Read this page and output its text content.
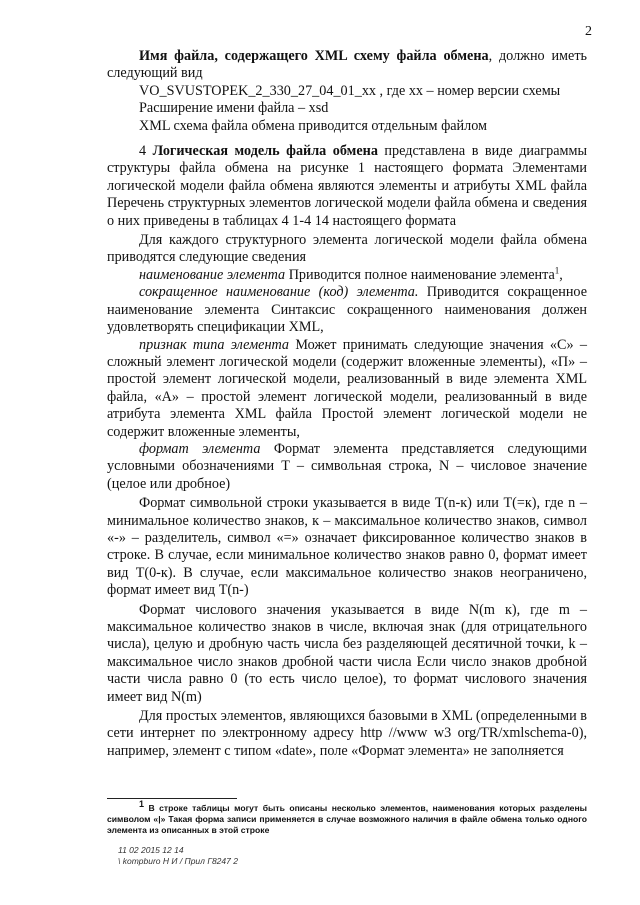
2

Имя файла, содержащего XML схему файла обмена, должно иметь следующий вид

VO_SVUSTOPEK_2_330_27_04_01_xx , где xx – номер версии схемы

Расширение имени файла – xsd

XML схема файла обмена приводится отдельным файлом

4 Логическая модель файла обмена представлена в виде диаграммы структуры файла обмена на рисунке 1 настоящего формата Элементами логической модели файла обмена являются элементы и атрибуты XML файла Перечень структурных элементов логической модели файла обмена и сведения о них приведены в таблицах 4 1-4 14 настоящего формата

Для каждого структурного элемента логической модели файла обмена приводятся следующие сведения

наименование элемента Приводится полное наименование элемента$^1$,

сокращенное наименование (код) элемента. Приводится сокращенное наименование элемента Синтаксис сокращенного наименования должен удовлетворять спецификации XML,

признак типа элемента Может принимать следующие значения «С» – сложный элемент логической модели (содержит вложенные элементы), «П» – простой элемент логической модели, реализованный в виде элемента XML файла, «А» – простой элемент логической модели, реализованный в виде атрибута элемента XML файла Простой элемент логической модели не содержит вложенные элементы,

формат элемента Формат элемента представляется следующими условными обозначениями T – символьная строка, N – числовое значение (целое или дробное)

Формат символьной строки указывается в виде T(n-к) или T(=к), где n – минимальное количество знаков, к – максимальное количество знаков, символ «-» – разделитель, символ «=» означает фиксированное количество знаков в строке. В случае, если минимальное количество знаков равно 0, формат имеет вид T(0-к). В случае, если максимальное количество знаков неограничено, формат имеет вид T(n-)

Формат числового значения указывается в виде N(m к), где m – максимальное количество знаков в числе, включая знак (для отрицательного числа), целую и дробную часть числа без разделяющей десятичной точки, k – максимальное число знаков дробной части числа Если число знаков дробной части числа равно 0 (то есть число целое), то формат числового значения имеет вид N(m)

Для простых элементов, являющихся базовыми в XML (определенными в сети интернет по электронному адресу http //www w3 org/TR/xmlschema-0), например, элемент с типом «date», поле «Формат элемента» не заполняется

$^1$ В строке таблицы могут быть описаны несколько элементов, наименования которых разделены символом «|» Такая форма записи применяется в случае возможного наличия в файле обмена только одного элемента из описанных в этой строке

11 02 2015 12 14

\ kompburo Н И / Прил Г8247 2
